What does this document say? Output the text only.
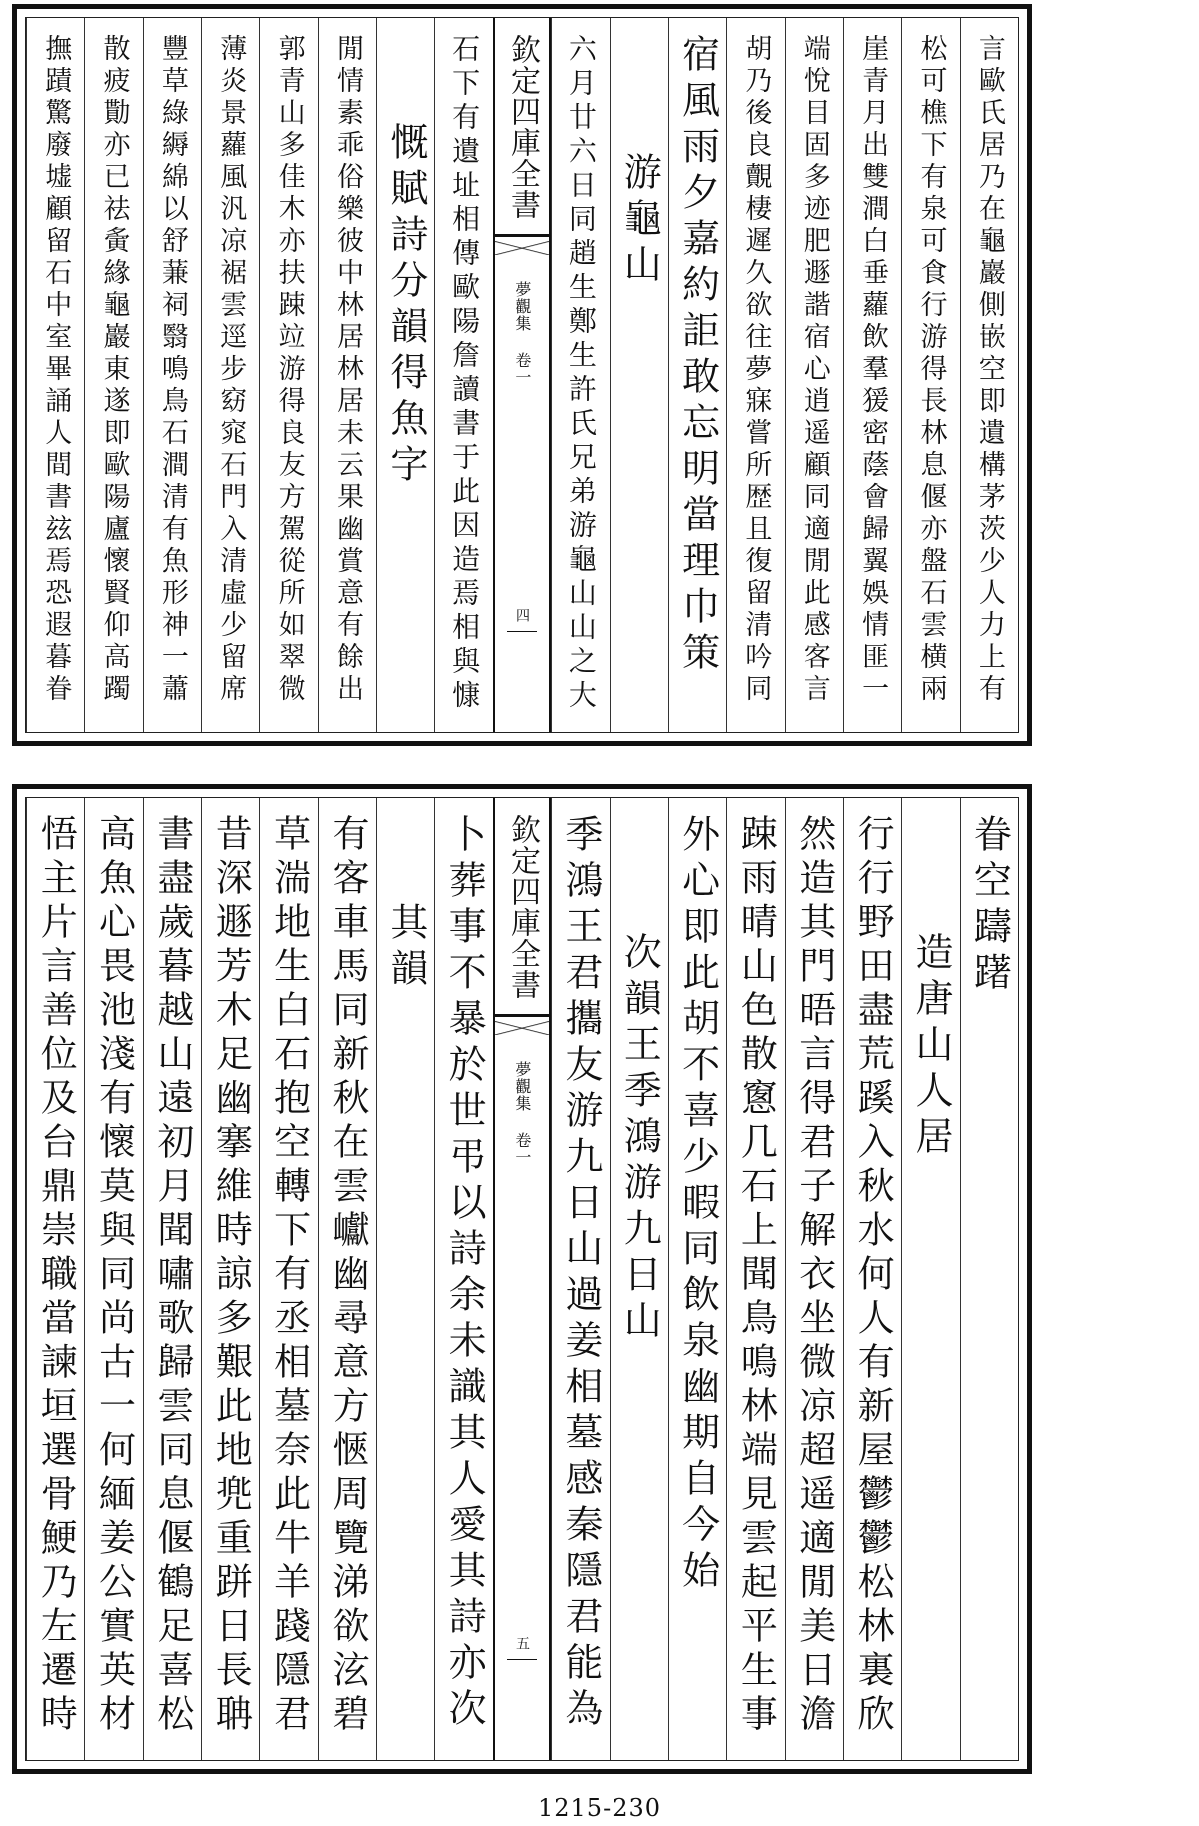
言歐氏居乃在龜巖側嵌空即遺構茅茨少人力上有
松可樵下有泉可食行游得長林息偃亦盤石雲横兩
崖青月出雙澗白垂蘿飲羣猨密蔭會歸翼娛情匪一
端悅目固多迹肥遯諧宿心逍遥顧同適閒此感客言
胡乃後良覿棲遲久欲往夢寐嘗所歴且復留清吟同
宿風雨夕嘉約詎敢忘明當理巾策
游龜山
六月廿六日同趙生鄭生許氏兄弟游龜山山之大
欽定四庫全書
夢觀集 卷一
四
石下有遺址相傳歐陽詹讀書于此因造焉相與慷
慨賦詩分韻得魚字
閒情素乖俗樂彼中林居林居未云果幽賞意有餘出
郭青山多佳木亦扶踈竝游得良友方駕從所如翠微
薄炎景蘿風汎凉裾雲逕步窈窕石門入清虛少留席
豐草綠縟綿以舒蒹祠翳鳴鳥石澗清有魚形神一蕭
散疲勩亦已祛夤緣龜巖東遂即歐陽廬懷賢仰高躅
撫蹟驚廢墟顧留石中室畢誦人間書玆焉恐遐暮眷
眷空躊躇
造唐山人居
行行野田盡荒蹊入秋水何人有新屋鬱鬱松林裏欣
然造其門晤言得君子解衣坐微凉超遥適閒美日澹
踈雨晴山色散窻几石上聞鳥鳴林端見雲起平生事
外心即此胡不喜少暇同飲泉幽期自今始
次韻王季鴻游九日山
季鴻王君攜友游九日山過姜相墓感秦隱君能為
欽定四庫全書
夢觀集 卷一
五
卜葬事不暴於世弔以詩余未識其人愛其詩亦次
其韻
有客車馬同新秋在雲巘幽尋意方愜周覽涕欲泫碧
草湍地生白石抱空轉下有丞相墓奈此牛羊踐隱君
昔深遯芳木足幽搴維時諒多艱此地兠重跰日長聃
書盡歲暮越山遠初月聞嘯歌歸雲同息偃鶴足喜松
高魚心畏池淺有懷莫與同尚古一何緬姜公實英材
悟主片言善位及台鼎崇職當諫垣選骨鯁乃左遷時
1215-230
